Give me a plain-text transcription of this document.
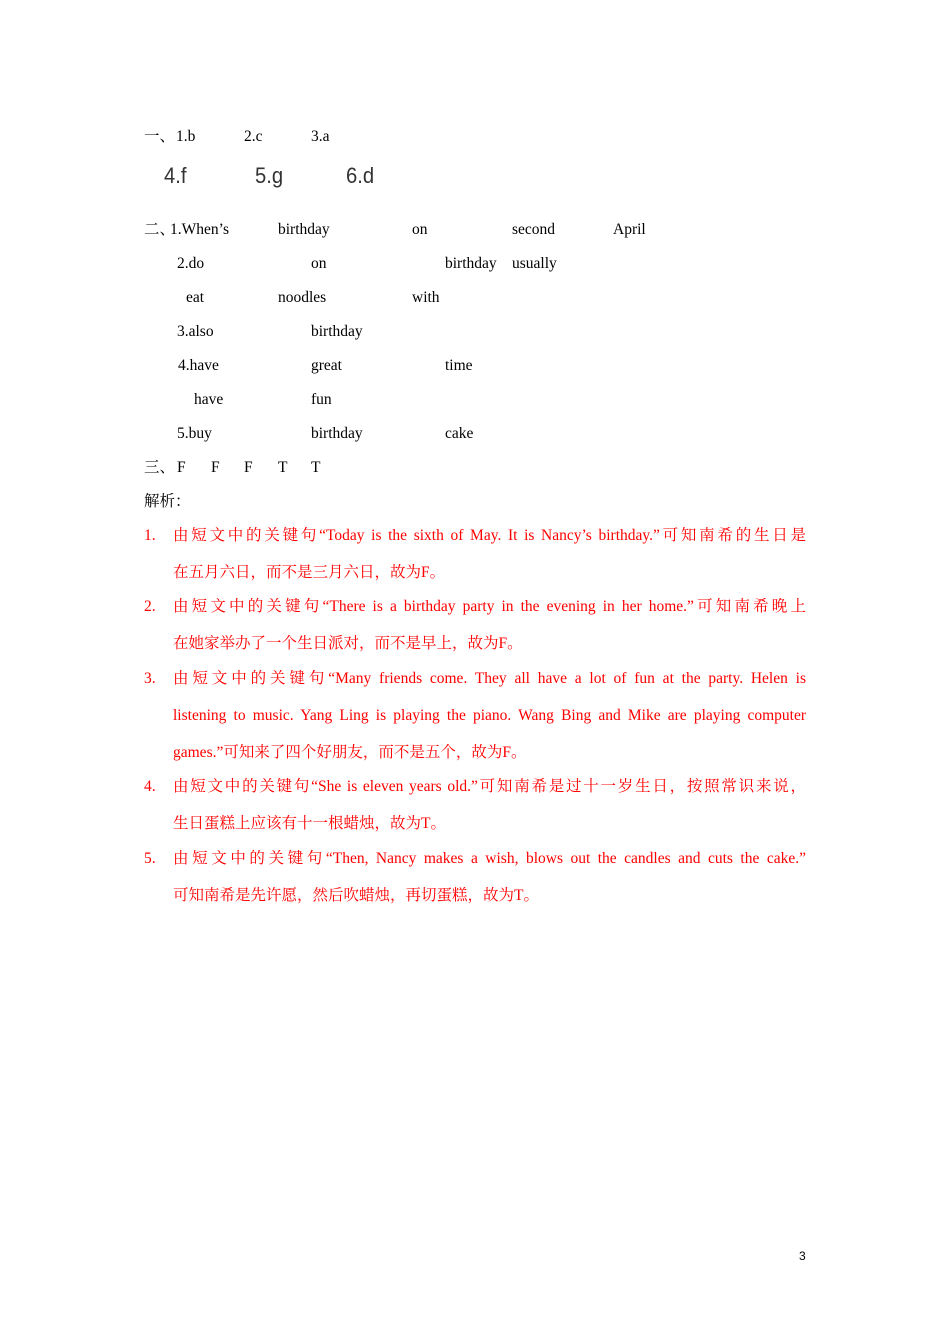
一、 1.b	2.c	3.a
4.f	5.g	6.d
二、
1.When’s	birthday	on	second	April
2.do	on	birthday usually
eat	noodles	with
3.also	birthday
4.have	great	time
have	fun
5.buy	birthday	cake
三、 F F F T T
解析：
1. 由短文中的关键句“Today is the sixth of May. It is Nancy’s birthday.”可知南希的生日是
在五月六日，而不是三月六日，故为F。
2. 由短文中的关键句“There is a birthday party in the evening in her home.”可知南希晚上
在她家举办了一个生日派对，而不是早上，故为F。
3. 由短文中的关键句“Many friends come. They all have a lot of fun at the party. Helen is
listening to music. Yang Ling is playing the piano. Wang Bing and Mike are playing computer
games.”可知来了四个好朋友，而不是五个，故为F。
4. 由短文中的关键句“She is eleven years old.”可知南希是过十一岁生日，按照常识来说，
生日蛋糕上应该有十一根蜡烛，故为T。
5. 由短文中的关键句“Then, Nancy makes a wish, blows out the candles and cuts the cake.”
可知南希是先许愿，然后吹蜡烛，再切蛋糕，故为T。
3
